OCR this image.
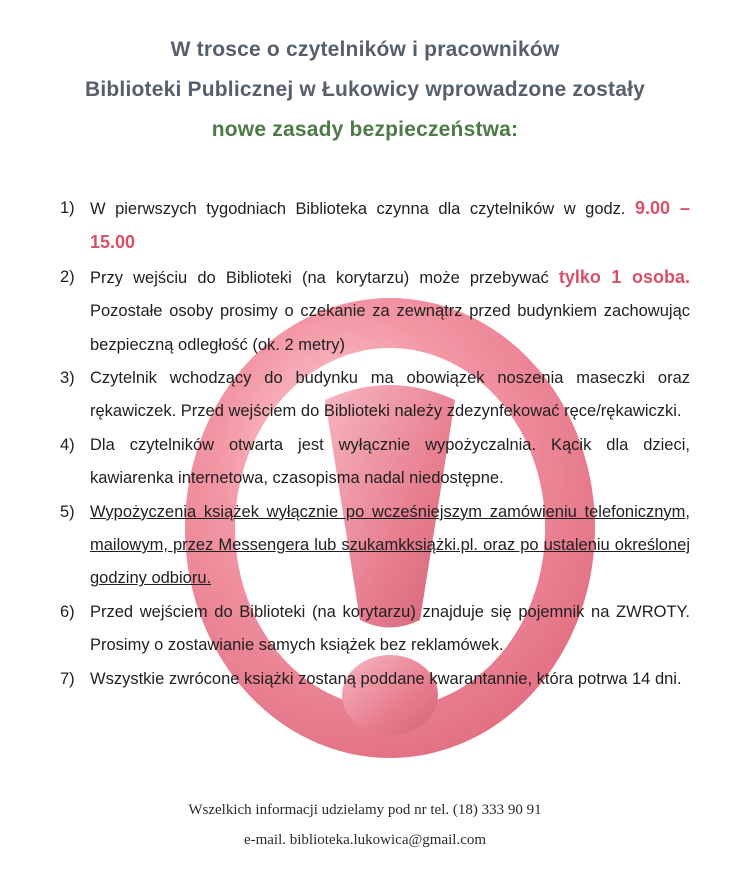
W trosce o czytelników i pracowników
Biblioteki Publicznej w Łukowicy wprowadzone zostały
nowe zasady bezpieczeństwa:
1) W pierwszych tygodniach Biblioteka czynna dla czytelników w godz. 9.00 – 15.00
2) Przy wejściu do Biblioteki (na korytarzu) może przebywać tylko 1 osoba. Pozostałe osoby prosimy o czekanie za zewnątrz przed budynkiem zachowując bezpieczną odległość (ok. 2 metry)
3) Czytelnik wchodzący do budynku ma obowiązek noszenia maseczki oraz rękawiczek. Przed wejściem do Biblioteki należy zdezynfekować ręce/rękawiczki.
4) Dla czytelników otwarta jest wyłącznie wypożyczalnia. Kącik dla dzieci, kawiarenka internetowa, czasopisma nadal niedostępne.
5) Wypożyczenia książek wyłącznie po wcześniejszym zamówieniu telefonicznym, mailowym, przez Messengera lub szukamkksiążki.pl. oraz po ustaleniu określonej godziny odbioru.
6) Przed wejściem do Biblioteki (na korytarzu) znajduje się pojemnik na ZWROTY. Prosimy o zostawianie samych książek bez reklamówek.
7) Wszystkie zwrócone książki zostaną poddane kwarantannie, która potrwa 14 dni.
Wszelkich informacji udzielamy pod nr tel. (18) 333 90 91
e-mail. biblioteka.lukowica@gmail.com
